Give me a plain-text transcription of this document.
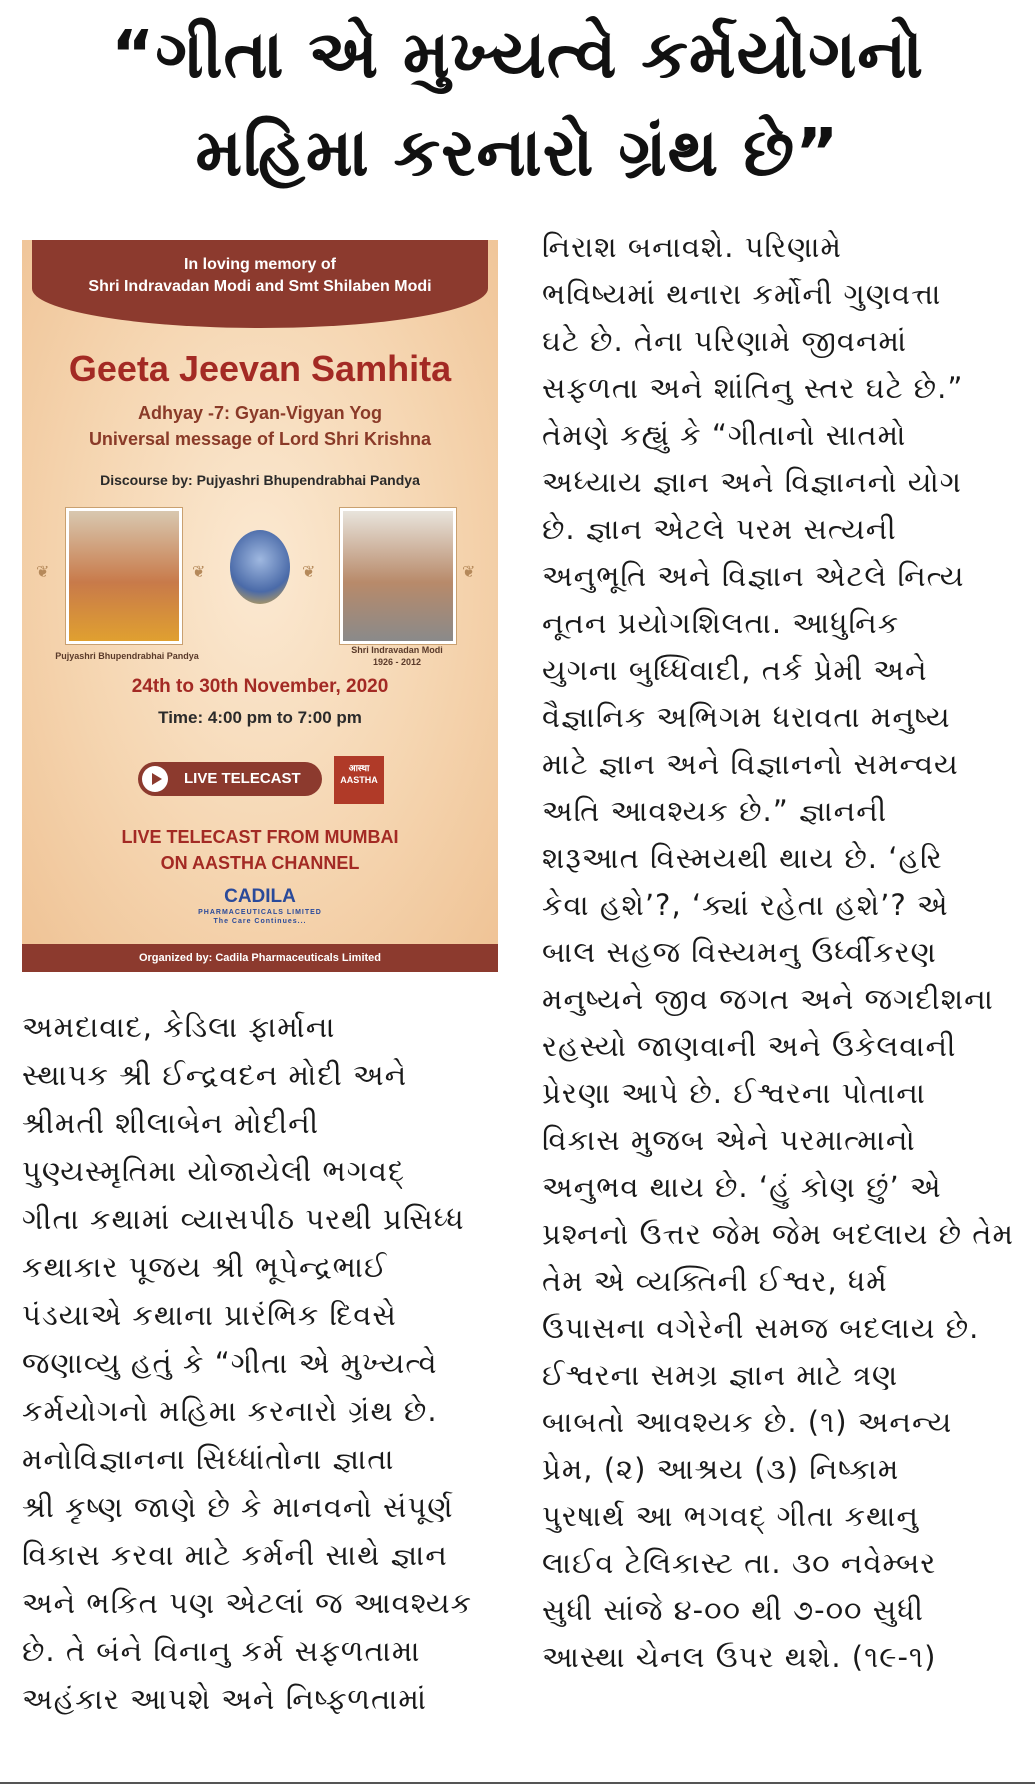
“ગીતા એ મુખ્યત્વે કર્મયોગનો
મહિમા કરનારો ગ્રંથ છે”
In loving memory of
Shri Indravadan Modi and Smt Shilaben Modi
Geeta Jeevan Samhita
Adhyay -7: Gyan-Vigyan Yog
Universal message of Lord Shri Krishna
Discourse by: Pujyashri Bhupendrabhai Pandya
❦	❦	❦	❦
Pujyashri Bhupendrabhai Pandya
Shri Indravadan Modi
1926 - 2012
24th to 30th November, 2020
Time: 4:00 pm to 7:00 pm
LIVE TELECAST
आस्था
AASTHA
LIVE TELECAST FROM MUMBAI
ON AASTHA CHANNEL
CADILA
PHARMACEUTICALS LIMITED
The Care Continues...
Organized by: Cadila Pharmaceuticals Limited
અમદાવાદ, કેડિલા ફાર્માના
સ્થાપક શ્રી ઈન્દ્રવદન મોદી અને
શ્રીમતી શીલાબેન મોદીની
પુણ્યસ્મૃતિમા યોજાયેલી ભગવદ્
ગીતા કથામાં વ્યાસપીઠ પરથી પ્રસિધ્ધ
કથાકાર પૂજય શ્રી ભૂપેન્દ્રભાઈ
પંડયાએ કથાના પ્રારંભિક દિવસે
જણાવ્યુ હતું કે “ગીતા એ મુખ્યત્વે
કર્મયોગનો મહિમા કરનારો ગ્રંથ છે.
મનોવિજ્ઞાનના સિધ્ધાંતોના જ્ઞાતા
શ્રી કૃષ્ણ જાણે છે કે માનવનો સંપૂર્ણ
વિકાસ કરવા માટે કર્મની સાથે જ્ઞાન
અને ભકિત પણ એટલાં જ આવશ્યક
છે. તે બંને વિનાનુ કર્મ સફળતામા
અહંકાર આપશે અને નિષ્ફળતામાં
નિરાશ બનાવશે. પરિણામે
ભવિષ્યમાં થનારા કર્મોની ગુણવત્તા
ઘટે છે. તેના પરિણામે જીવનમાં
સફળતા અને શાંતિનુ સ્તર ઘટે છે.”
તેમણે કહ્યું કે “ગીતાનો સાતમો
અધ્યાય જ્ઞાન અને વિજ્ઞાનનો યોગ
છે. જ્ઞાન એટલે પરમ સત્યની
અનુભૂતિ અને વિજ્ઞાન એટલે નિત્ય
નૂતન પ્રયોગશિલતા. આધુનિક
યુગના બુધ્ધિવાદી, તર્ક પ્રેમી અને
વૈજ્ઞાનિક અભિગમ ધરાવતા મનુષ્ય
માટે જ્ઞાન અને વિજ્ઞાનનો સમન્વય
અતિ આવશ્યક છે.” જ્ઞાનની
શરૂઆત વિસ્મયથી થાય છે. ‘હરિ
કેવા હશે’?, ‘ક્યાં રહેતા હશે’? એ
બાલ સહજ વિસ્યમનુ ઉર્ધ્વીકરણ
મનુષ્યને જીવ જગત અને જગદીશના
રહસ્યો જાણવાની અને ઉકેલવાની
પ્રેરણા આપે છે. ઈશ્વરના પોતાના
વિકાસ મુજબ એને પરમાત્માનો
અનુભવ થાય છે. ‘હું કોણ છું’ એ
પ્રશ્નનો ઉત્તર જેમ જેમ બદલાય છે તેમ
તેમ એ વ્યક્તિની ઈશ્વર, ધર્મ
ઉપાસના વગેરેની સમજ બદલાય છે.
ઈશ્વરના સમગ્ર જ્ઞાન માટે ત્રણ
બાબતો આવશ્યક છે. (૧) અનન્ય
પ્રેમ, (૨) આશ્રય (૩) નિષ્કામ
પુરષાર્થ આ ભગવદ્ ગીતા કથાનુ
લાઈવ ટેલિકાસ્ટ તા. ૩૦ નવેમ્બર
સુધી સાંજે ૪-૦૦ થી ૭-૦૦ સુધી
આસ્થા ચેનલ ઉપર થશે. (૧૯-૧)
